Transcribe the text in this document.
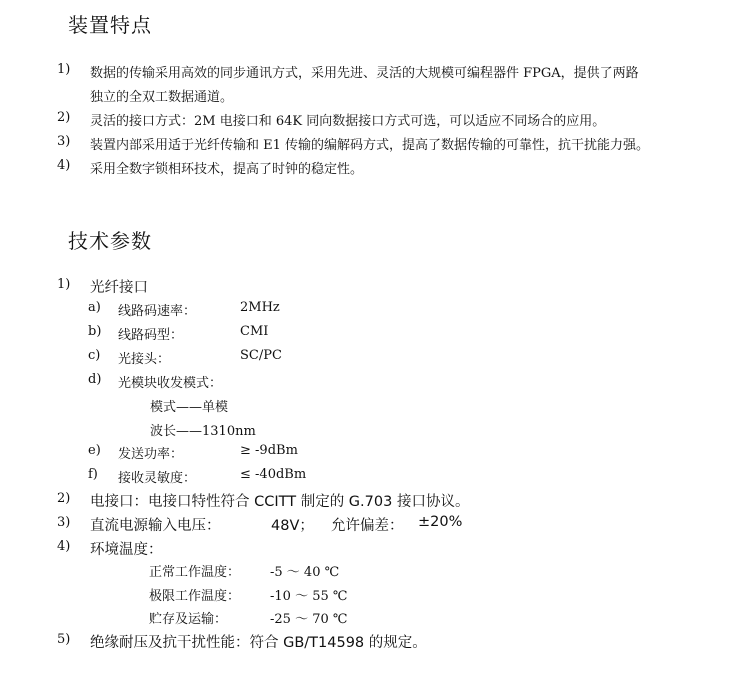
装置特点
1) 数据的传输采用高效的同步通讯方式，采用先进、灵活的大规模可编程器件 FPGA，提供了两路
独立的全双工数据通道。
2) 灵活的接口方式：2M 电接口和 64K 同向数据接口方式可选，可以适应不同场合的应用。
3) 装置内部采用适于光纤传输和 E1 传输的编解码方式，提高了数据传输的可靠性，抗干扰能力强。
4) 采用全数字锁相环技术，提高了时钟的稳定性。
技术参数
1) 光纤接口
a) 线路码速率：	2MHz
b) 线路码型：	CMI
c) 光接头：	SC/PC
d) 光模块收发模式：
模式——单模
波长——1310nm
e) 发送功率：	≥ -9dBm
f) 接收灵敏度：	≤ -40dBm
2) 电接口：电接口特性符合 CCITT 制定的 G.703 接口协议。
3) 直流电源输入电压：	48V； 允许偏差： ±20%
4) 环境温度：
正常工作温度： -5 ～ 40 ℃
极限工作温度： -10 ～ 55 ℃
贮存及运输：	-25 ～ 70 ℃
5) 绝缘耐压及抗干扰性能：符合 GB/T14598 的规定。
